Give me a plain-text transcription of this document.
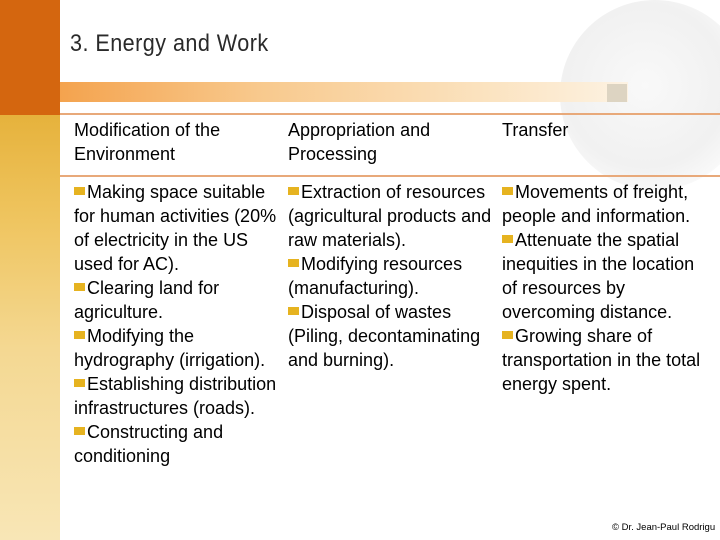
3. Energy and Work
Modification of the Environment
Appropriation and Processing
Transfer

Making space suitable for human activities (20% of electricity in the US used for AC).

Clearing land for agriculture.

Modifying the hydrography (irrigation).

Establishing distribution infrastructures (roads).

Constructing and conditioning

Extraction of resources (agricultural products and raw materials).

Modifying resources (manufacturing).

Disposal of wastes (Piling, decontaminating and burning).

Movements of freight, people and information.

Attenuate the spatial inequities in the location of resources by overcoming distance.

Growing share of transportation in the total energy spent.

© Dr. Jean-Paul Rodrigu
